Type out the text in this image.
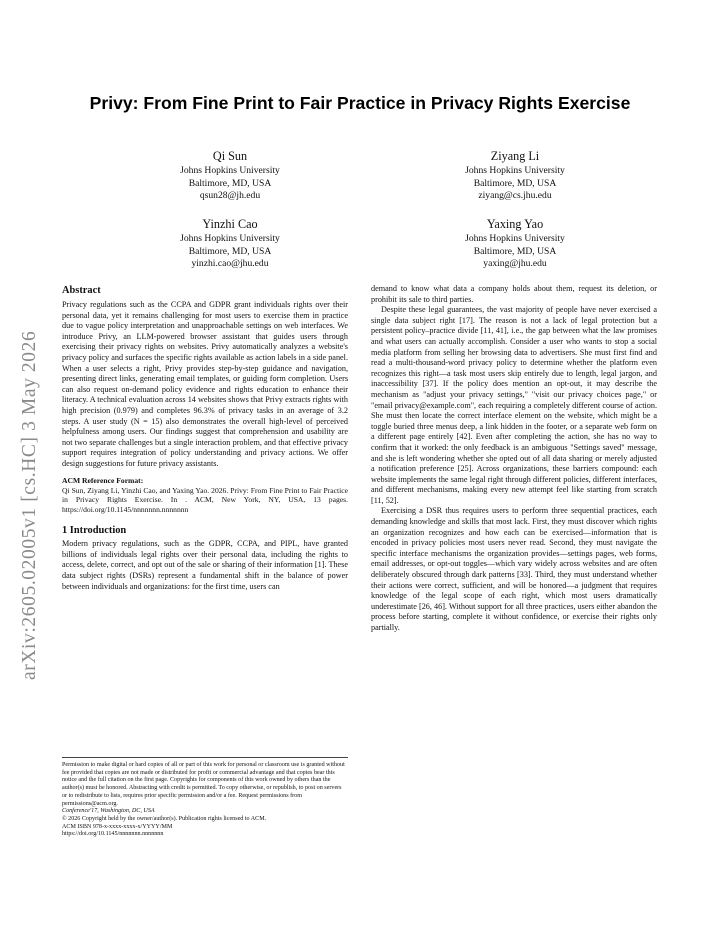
arXiv:2605.02005v1 [cs.HC] 3 May 2026
Privy: From Fine Print to Fair Practice in Privacy Rights Exercise
Qi Sun
Johns Hopkins University
Baltimore, MD, USA
qsun28@jh.edu
Ziyang Li
Johns Hopkins University
Baltimore, MD, USA
ziyang@cs.jhu.edu
Yinzhi Cao
Johns Hopkins University
Baltimore, MD, USA
yinzhi.cao@jhu.edu
Yaxing Yao
Johns Hopkins University
Baltimore, MD, USA
yaxing@jhu.edu
Abstract
Privacy regulations such as the CCPA and GDPR grant individuals rights over their personal data, yet it remains challenging for most users to exercise them in practice due to vague policy interpretation and unapproachable settings on web interfaces. We introduce Privy, an LLM-powered browser assistant that guides users through exercising their privacy rights on websites. Privy automatically analyzes a website's privacy policy and surfaces the specific rights available as action labels in a side panel. When a user selects a right, Privy provides step-by-step guidance and navigation, presenting direct links, generating email templates, or guiding form completion. Users can also request on-demand policy evidence and rights education to enhance their literacy. A technical evaluation across 14 websites shows that Privy extracts rights with high precision (0.979) and completes 96.3% of privacy tasks in an average of 3.2 steps. A user study (N = 15) also demonstrates the overall high-level of perceived helpfulness among users. Our findings suggest that comprehension and usability are not two separate challenges but a single interaction problem, and that effective privacy support requires integration of policy understanding and privacy actions. We offer design suggestions for future privacy assistants.
ACM Reference Format:
Qi Sun, Ziyang Li, Yinzhi Cao, and Yaxing Yao. 2026. Privy: From Fine Print to Fair Practice in Privacy Rights Exercise. In . ACM, New York, NY, USA, 13 pages. https://doi.org/10.1145/nnnnnnn.nnnnnnn
1 Introduction
Modern privacy regulations, such as the GDPR, CCPA, and PIPL, have granted billions of individuals legal rights over their personal data, including the rights to access, delete, correct, and opt out of the sale or sharing of their information [1]. These data subject rights (DSRs) represent a fundamental shift in the balance of power between individuals and organizations: for the first time, users can
Permission to make digital or hard copies of all or part of this work for personal or classroom use is granted without fee provided that copies are not made or distributed for profit or commercial advantage and that copies bear this notice and the full citation on the first page. Copyrights for components of this work owned by others than the author(s) must be honored. Abstracting with credit is permitted. To copy otherwise, or republish, to post on servers or to redistribute to lists, requires prior specific permission and/or a fee. Request permissions from permissions@acm.org.
Conference'17, Washington, DC, USA
© 2026 Copyright held by the owner/author(s). Publication rights licensed to ACM.
ACM ISBN 978-x-xxxx-xxxx-x/YYYY/MM
https://doi.org/10.1145/nnnnnnn.nnnnnnn
demand to know what data a company holds about them, request its deletion, or prohibit its sale to third parties.
Despite these legal guarantees, the vast majority of people have never exercised a single data subject right [17]. The reason is not a lack of legal protection but a persistent policy–practice divide [11, 41], i.e., the gap between what the law promises and what users can actually accomplish. Consider a user who wants to stop a social media platform from selling her browsing data to advertisers. She must first find and read a multi-thousand-word privacy policy to determine whether the platform even recognizes this right—a task most users skip entirely due to length, legal jargon, and inaccessibility [37]. If the policy does mention an opt-out, it may describe the mechanism as "adjust your privacy settings," "visit our privacy choices page," or "email privacy@example.com", each requiring a completely different course of action. She must then locate the correct interface element on the website, which might be a toggle buried three menus deep, a link hidden in the footer, or a separate web form on a different page entirely [42]. Even after completing the action, she has no way to confirm that it worked: the only feedback is an ambiguous "Settings saved" message, and she is left wondering whether she opted out of all data sharing or merely adjusted a notification preference [25]. Across organizations, these barriers compound: each website implements the same legal right through different policies, different interfaces, and different mechanisms, making every new attempt feel like starting from scratch [11, 52].
Exercising a DSR thus requires users to perform three sequential practices, each demanding knowledge and skills that most lack. First, they must discover which rights an organization recognizes and how each can be exercised—information that is encoded in privacy policies most users never read. Second, they must navigate the specific interface mechanisms the organization provides—settings pages, web forms, email addresses, or opt-out toggles—which vary widely across websites and are often deliberately obscured through dark patterns [33]. Third, they must understand whether their actions were correct, sufficient, and will be honored—a judgment that requires knowledge of the legal scope of each right, which most users dramatically underestimate [26, 46]. Without support for all three practices, users either abandon the process before starting, complete it without confidence, or exercise their rights only partially.
